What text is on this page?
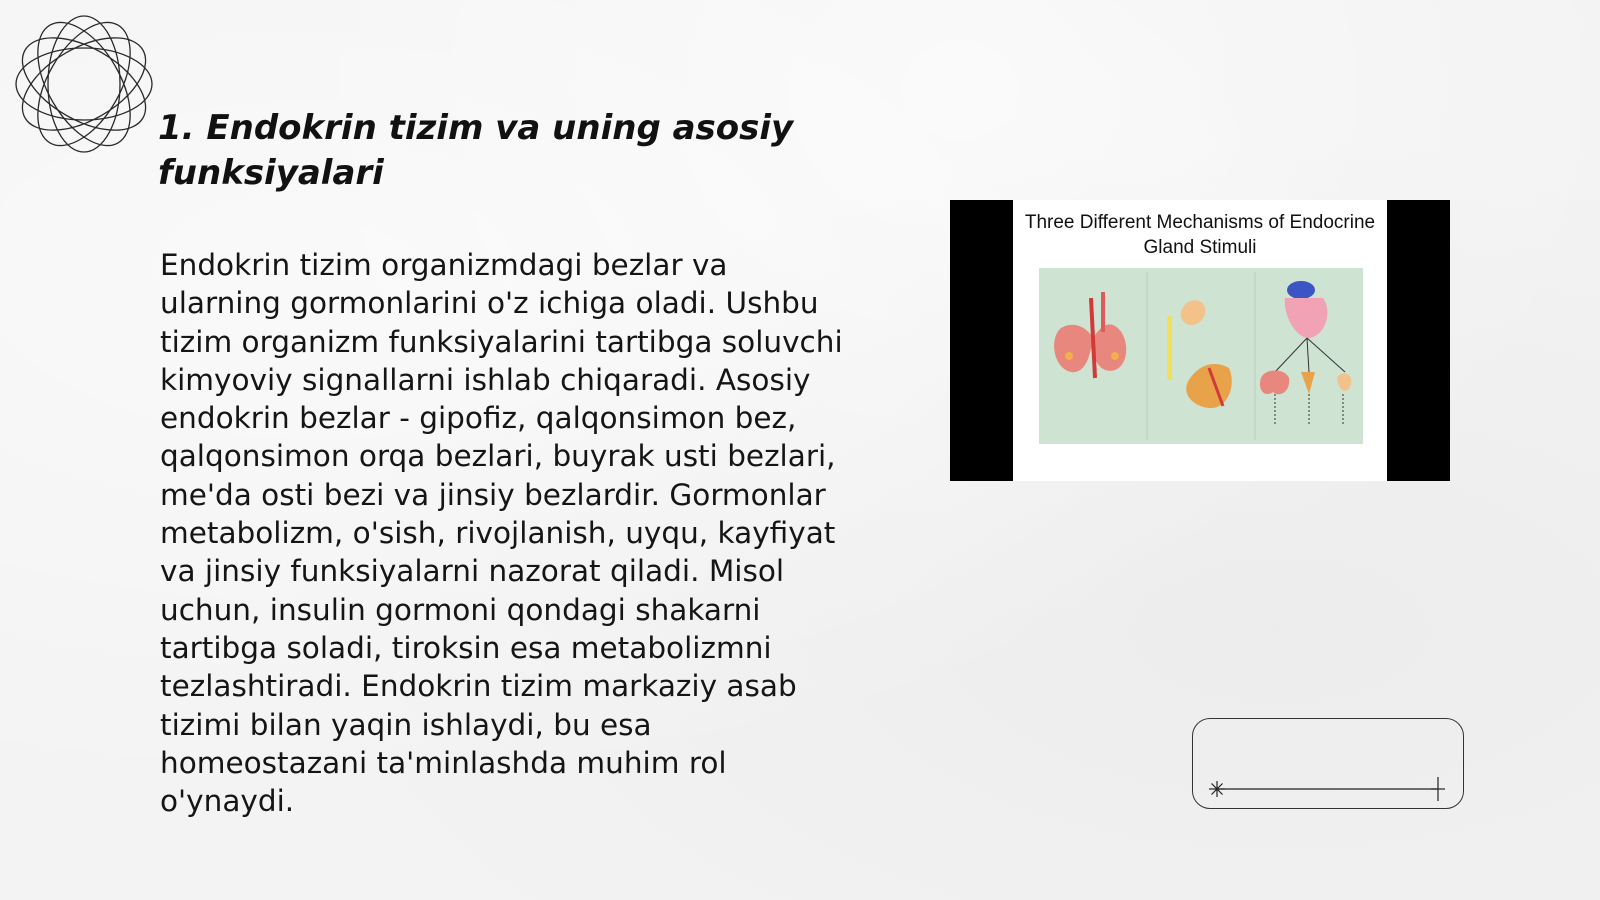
1. Endokrin tizim va uning asosiy funksiyalari

Endokrin tizim organizmdagi bezlar va ularning gormonlarini o'z ichiga oladi. Ushbu tizim organizm funksiyalarini tartibga soluvchi kimyoviy signallarni ishlab chiqaradi. Asosiy endokrin bezlar - gipofiz, qalqonsimon bez, qalqonsimon orqa bezlari, buyrak usti bezlari, me'da osti bezi va jinsiy bezlardir. Gormonlar metabolizm, o'sish, rivojlanish, uyqu, kayfiyat va jinsiy funksiyalarni nazorat qiladi. Misol uchun, insulin gormoni qondagi shakarni tartibga soladi, tiroksin esa metabolizmni tezlashtiradi. Endokrin tizim markaziy asab tizimi bilan yaqin ishlaydi, bu esa homeostazani ta'minlashda muhim rol o'ynaydi.

Three Different Mechanisms of Endocrine Gland Stimuli
